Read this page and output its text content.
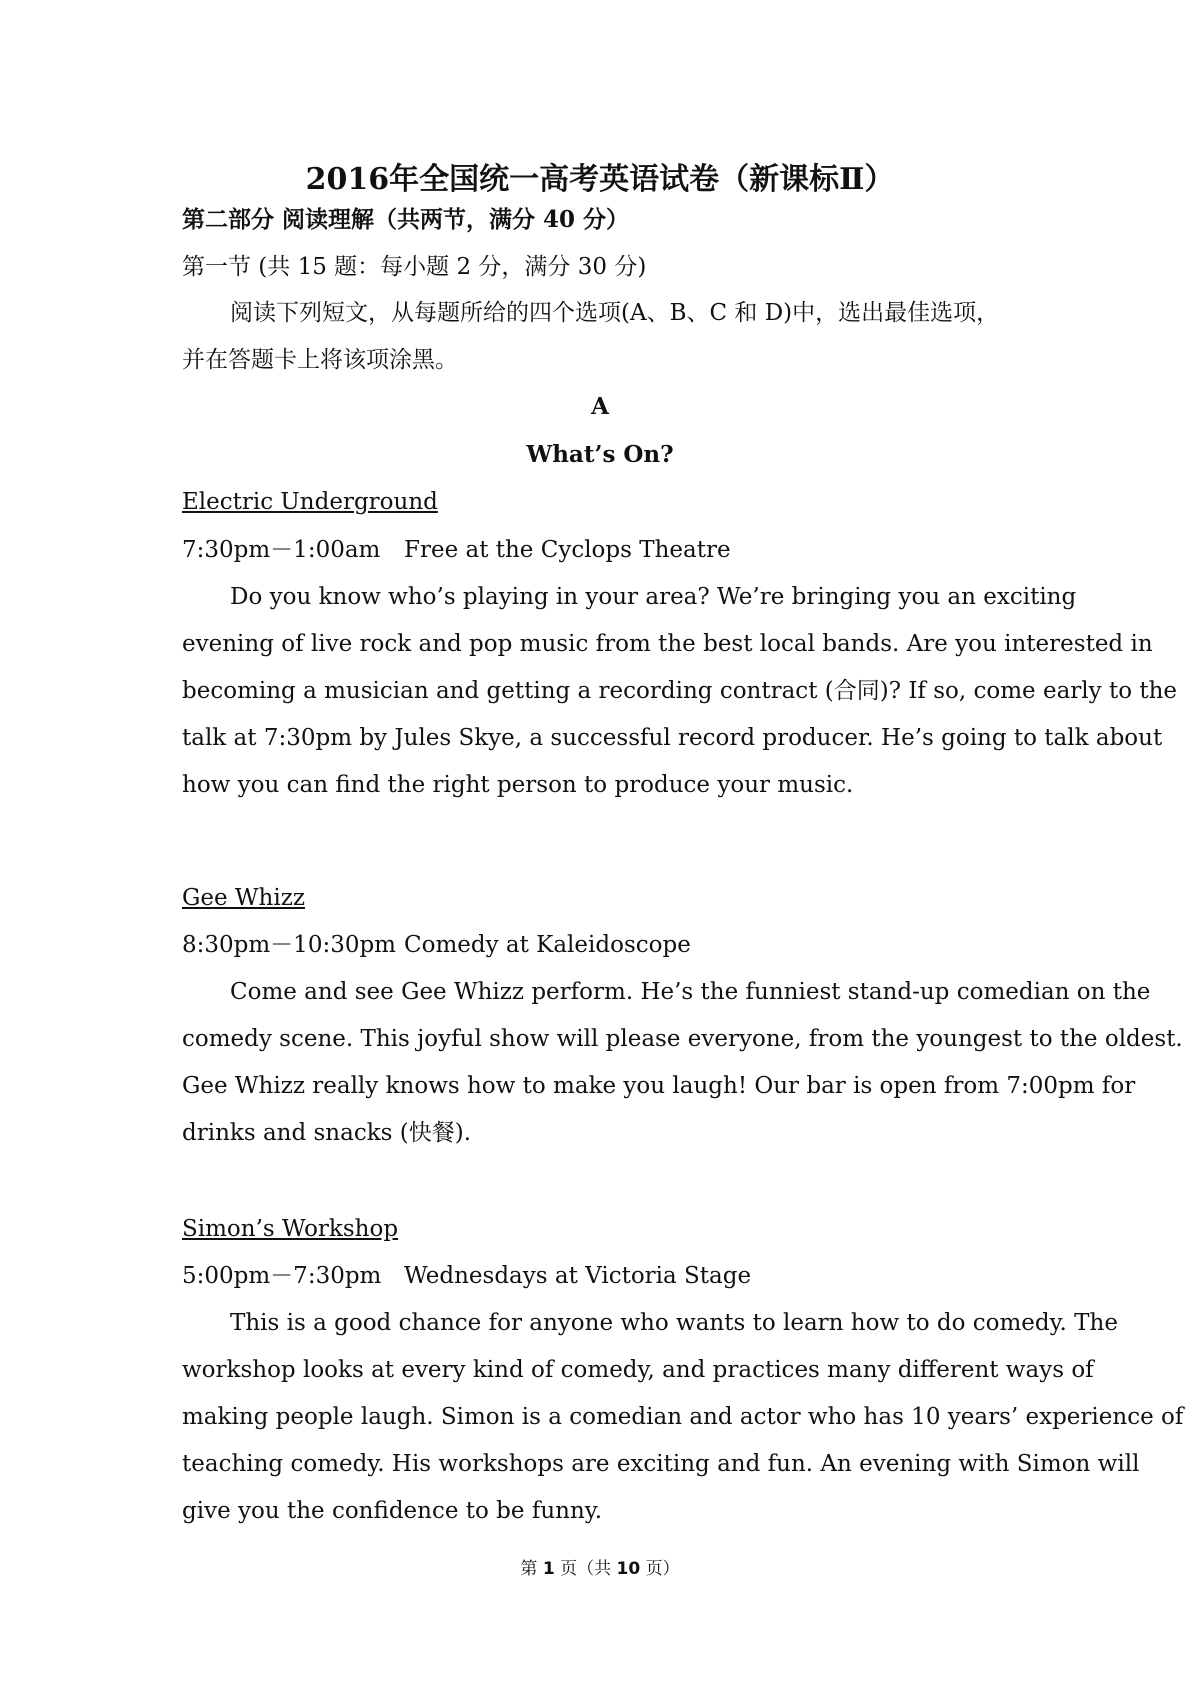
2016年全国统一高考英语试卷（新课标Ⅱ）
第二部分 阅读理解（共两节，满分 40 分）
第一节 (共 15 题：每小题 2 分，满分 30 分)
阅读下列短文，从每题所给的四个选项(A、B、C 和 D)中，选出最佳选项，
并在答题卡上将该项涂黑。
A
What’s On?
Electric Underground
7:30pm－1:00am Free at the Cyclops Theatre
Do you know who’s playing in your area? We’re bringing you an exciting
evening of live rock and pop music from the best local bands. Are you interested in
becoming a musician and getting a recording contract (合同)? If so, come early to the
talk at 7:30pm by Jules Skye, a successful record producer. He’s going to talk about
how you can find the right person to produce your music.
Gee Whizz
8:30pm－10:30pm Comedy at Kaleidoscope
Come and see Gee Whizz perform. He’s the funniest stand-up comedian on the
comedy scene. This joyful show will please everyone, from the youngest to the oldest.
Gee Whizz really knows how to make you laugh! Our bar is open from 7:00pm for
drinks and snacks (快餐).
Simon’s Workshop
5:00pm－7:30pm Wednesdays at Victoria Stage
This is a good chance for anyone who wants to learn how to do comedy. The
workshop looks at every kind of comedy, and practices many different ways of
making people laugh. Simon is a comedian and actor who has 10 years’ experience of
teaching comedy. His workshops are exciting and fun. An evening with Simon will
give you the confidence to be funny.
第 1 页（共 10 页）
